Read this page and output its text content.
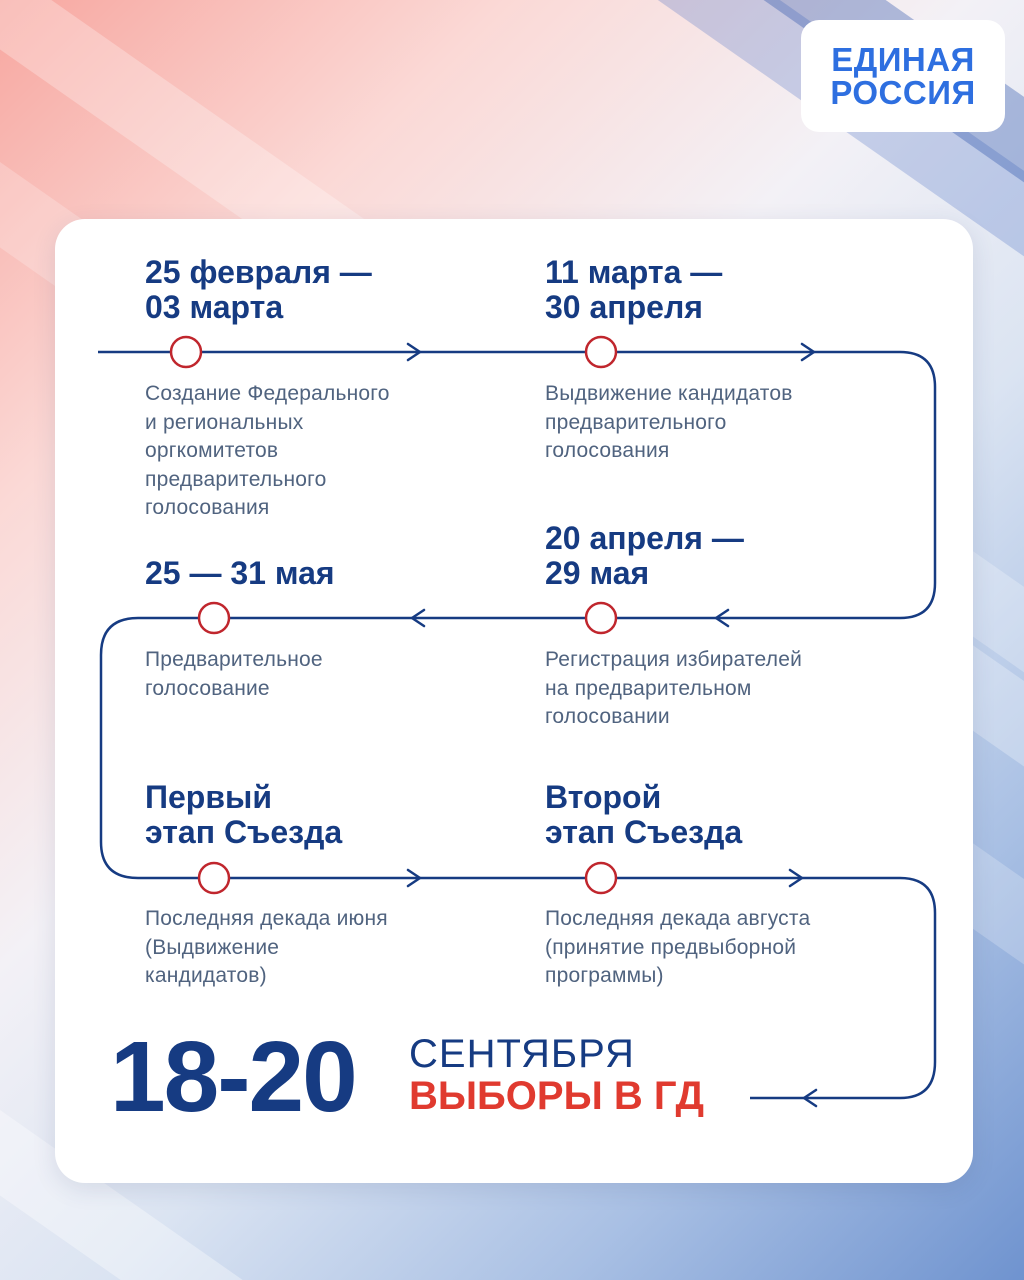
ЕДИНАЯ
РОССИЯ
25 февраля —
03 марта
Создание Федерального
и региональных
оргкомитетов
предварительного
голосования
11 марта —
30 апреля
Выдвижение кандидатов
предварительного
голосования
25 — 31 мая
Предварительное
голосование
20 апреля —
29 мая
Регистрация избирателей
на предварительном
голосовании
Первый
этап Съезда
Последняя декада июня
(Выдвижение
кандидатов)
Второй
этап Съезда
Последняя декада августа
(принятие предвыборной
программы)
18-20 СЕНТЯБРЯ
ВЫБОРЫ В ГД
